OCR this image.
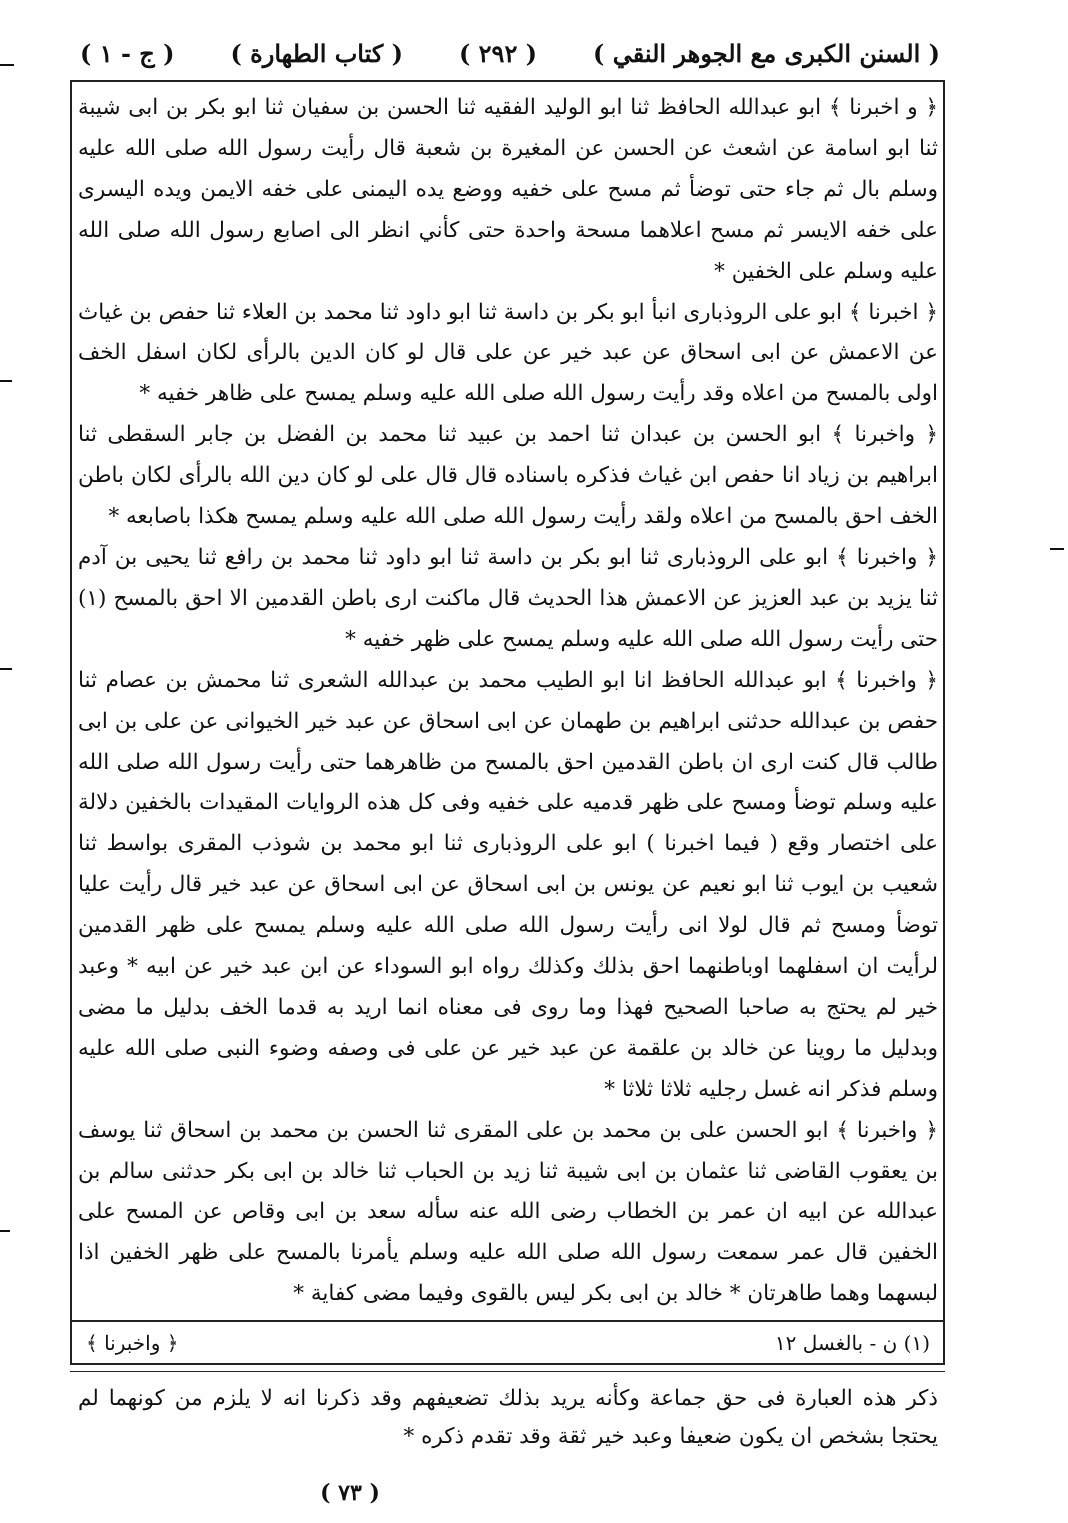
( السنن الكبرى مع الجوهر النقي )
( ٢٩٢ )
( كتاب الطهارة )
( ج - ١ )

﴿ و اخبرنا ﴾ ابو عبدالله الحافظ ثنا ابو الوليد الفقيه ثنا الحسن بن سفيان ثنا ابو بكر بن ابى شيبة ثنا ابو اسامة عن اشعث عن الحسن عن المغيرة بن شعبة قال رأيت رسول الله صلى الله عليه وسلم بال ثم جاء حتى توضأ ثم مسح على خفيه ووضع يده اليمنى على خفه الايمن ويده اليسرى على خفه الايسر ثم مسح اعلاهما مسحة واحدة حتى كأني انظر الى اصابع رسول الله صلى الله عليه وسلم على الخفين *

﴿ اخبرنا ﴾ ابو على الروذبارى انبأ ابو بكر بن داسة ثنا ابو داود ثنا محمد بن العلاء ثنا حفص بن غياث عن الاعمش عن ابى اسحاق عن عبد خير عن على قال لو كان الدين بالرأى لكان اسفل الخف اولى بالمسح من اعلاه وقد رأيت رسول الله صلى الله عليه وسلم يمسح على ظاهر خفيه *

﴿ واخبرنا ﴾ ابو الحسن بن عبدان ثنا احمد بن عبيد ثنا محمد بن الفضل بن جابر السقطى ثنا ابراهيم بن زياد انا حفص ابن غياث فذكره باسناده قال قال على لو كان دين الله بالرأى لكان باطن الخف احق بالمسح من اعلاه ولقد رأيت رسول الله صلى الله عليه وسلم يمسح هكذا باصابعه *

﴿ واخبرنا ﴾ ابو على الروذبارى ثنا ابو بكر بن داسة ثنا ابو داود ثنا محمد بن رافع ثنا يحيى بن آدم ثنا يزيد بن عبد العزيز عن الاعمش هذا الحديث قال ماكنت ارى باطن القدمين الا احق بالمسح (١) حتى رأيت رسول الله صلى الله عليه وسلم يمسح على ظهر خفيه *

﴿ واخبرنا ﴾ ابو عبدالله الحافظ انا ابو الطيب محمد بن عبدالله الشعرى ثنا محمش بن عصام ثنا حفص بن عبدالله حدثنى ابراهيم بن طهمان عن ابى اسحاق عن عبد خير الخيوانى عن على بن ابى طالب قال كنت ارى ان باطن القدمين احق بالمسح من ظاهرهما حتى رأيت رسول الله صلى الله عليه وسلم توضأ ومسح على ظهر قدميه على خفيه وفى كل هذه الروايات المقيدات بالخفين دلالة على اختصار وقع ( فيما اخبرنا ) ابو على الروذبارى ثنا ابو محمد بن شوذب المقرى بواسط ثنا شعيب بن ايوب ثنا ابو نعيم عن يونس بن ابى اسحاق عن ابى اسحاق عن عبد خير قال رأيت عليا توضأ ومسح ثم قال لولا انى رأيت رسول الله صلى الله عليه وسلم يمسح على ظهر القدمين لرأيت ان اسفلهما اوباطنهما احق بذلك وكذلك رواه ابو السوداء عن ابن عبد خير عن ابيه * وعبد خير لم يحتج به صاحبا الصحيح فهذا وما روى فى معناه انما اريد به قدما الخف بدليل ما مضى وبدليل ما روينا عن خالد بن علقمة عن عبد خير عن على فى وصفه وضوء النبى صلى الله عليه وسلم فذكر انه غسل رجليه ثلاثا ثلاثا *

﴿ واخبرنا ﴾ ابو الحسن على بن محمد بن على المقرى ثنا الحسن بن محمد بن اسحاق ثنا يوسف بن يعقوب القاضى ثنا عثمان بن ابى شيبة ثنا زيد بن الحباب ثنا خالد بن ابى بكر حدثنى سالم بن عبدالله عن ابيه ان عمر بن الخطاب رضى الله عنه سأله سعد بن ابى وقاص عن المسح على الخفين قال عمر سمعت رسول الله صلى الله عليه وسلم يأمرنا بالمسح على ظهر الخفين اذا لبسهما وهما طاهرتان * خالد بن ابى بكر ليس بالقوى وفيما مضى كفاية *

(١) ن - بالغسل ١٢
﴿ واخبرنا ﴾
ذكر هذه العبارة فى حق جماعة وكأنه يريد بذلك تضعيفهم وقد ذكرنا انه لا يلزم من كونهما لم يحتجا بشخص ان يكون ضعيفا وعبد خير ثقة وقد تقدم ذكره *
( ٧٣ )
